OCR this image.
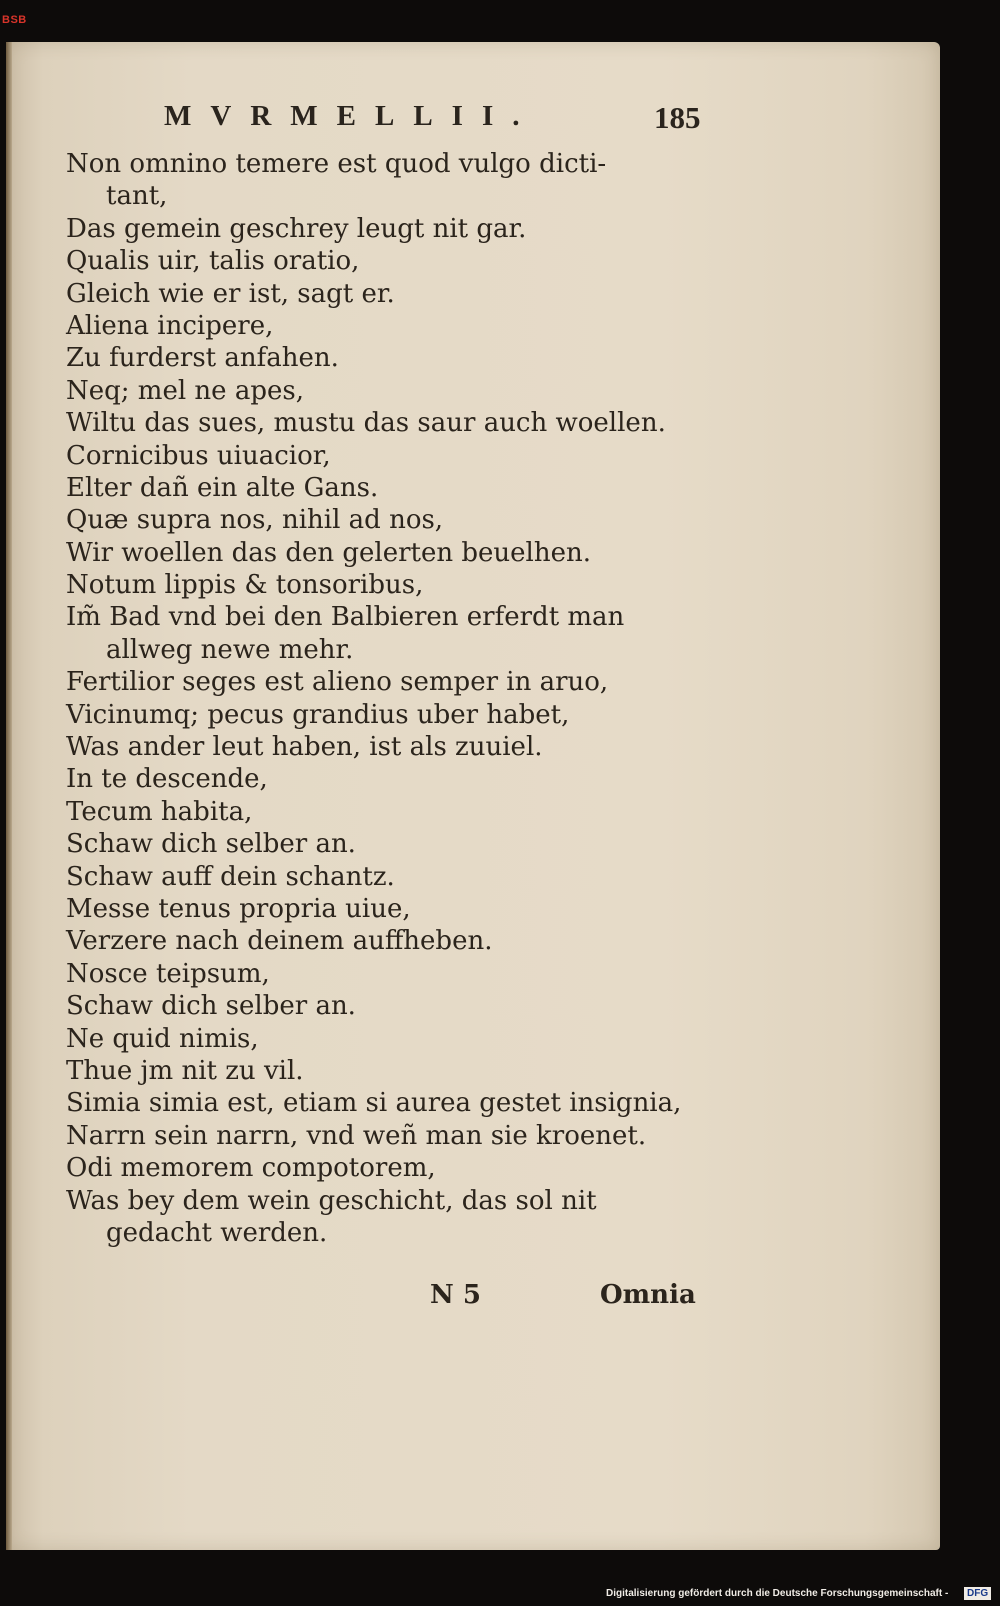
BSB
MVRMELLII.	185
Non omnino temere est quod vulgo dicti-
tant,
Das gemein geschrey leugt nit gar.
Qualis uir, talis oratio,
Gleich wie er ist, sagt er.
Aliena incipere,
Zu furderst anfahen.
Neq; mel ne apes,
Wiltu das sues, mustu das saur auch woellen.
Cornicibus uiuacior,
Elter dañ ein alte Gans.
Quæ supra nos, nihil ad nos,
Wir woellen das den gelerten beuelhen.
Notum lippis & tonsoribus,
Im̃ Bad vnd bei den Balbieren erferdt man
allweg newe mehr.
Fertilior seges est alieno semper in aruo,
Vicinumq; pecus grandius uber habet,
Was ander leut haben, ist als zuuiel.
In te descende,
Tecum habita,
Schaw dich selber an.
Schaw auff dein schantz.
Messe tenus propria uiue,
Verzere nach deinem auffheben.
Nosce teipsum,
Schaw dich selber an.
Ne quid nimis,
Thue jm nit zu vil.
Simia simia est, etiam si aurea gestet insignia,
Narrn sein narrn, vnd weñ man sie kroenet.
Odi memorem compotorem,
Was bey dem wein geschicht, das sol nit
gedacht werden.
N 5	Omnia
Digitalisierung gefördert durch die Deutsche Forschungsgemeinschaft -	DFG
